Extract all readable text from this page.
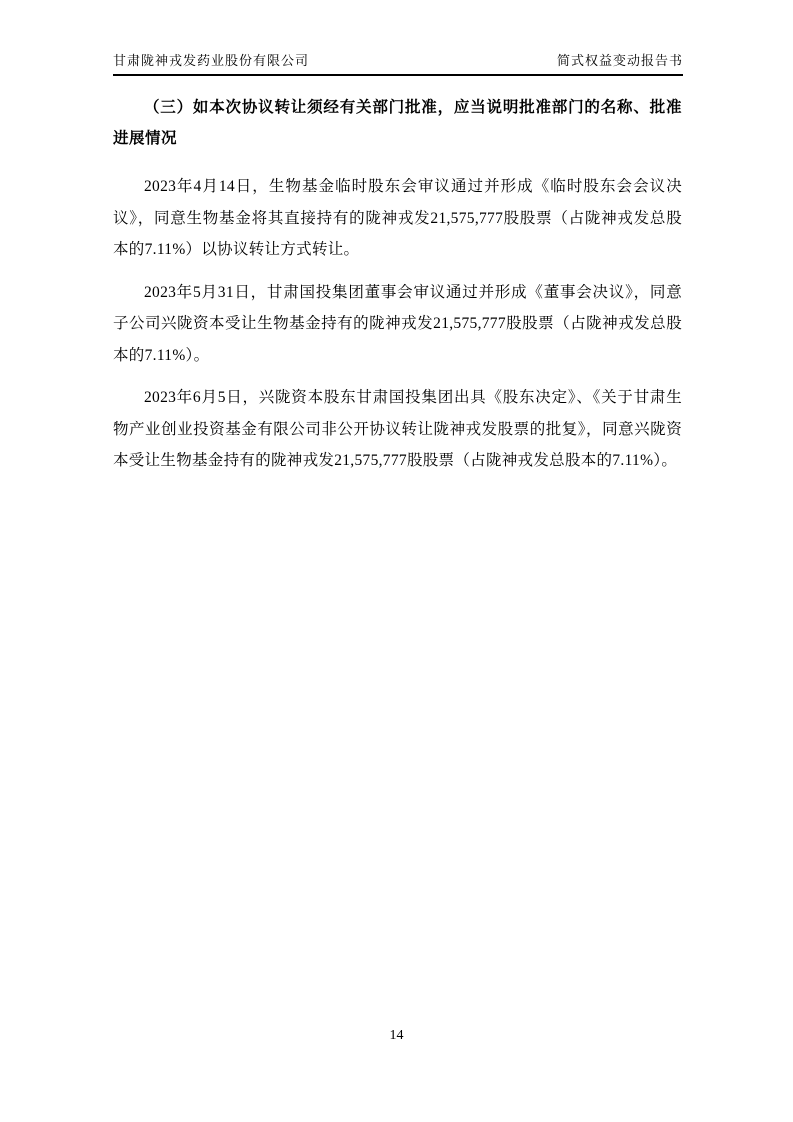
甘肃陇神戎发药业股份有限公司	简式权益变动报告书

（三）如本次协议转让须经有关部门批准，应当说明批准部门的名称、批准进展情况

2023年4月14日，生物基金临时股东会审议通过并形成《临时股东会会议决议》，同意生物基金将其直接持有的陇神戎发21,575,777股股票（占陇神戎发总股本的7.11%）以协议转让方式转让。

2023年5月31日，甘肃国投集团董事会审议通过并形成《董事会决议》，同意子公司兴陇资本受让生物基金持有的陇神戎发21,575,777股股票（占陇神戎发总股本的7.11%）。

2023年6月5日，兴陇资本股东甘肃国投集团出具《股东决定》、《关于甘肃生物产业创业投资基金有限公司非公开协议转让陇神戎发股票的批复》，同意兴陇资本受让生物基金持有的陇神戎发21,575,777股股票（占陇神戎发总股本的7.11%）。

14
